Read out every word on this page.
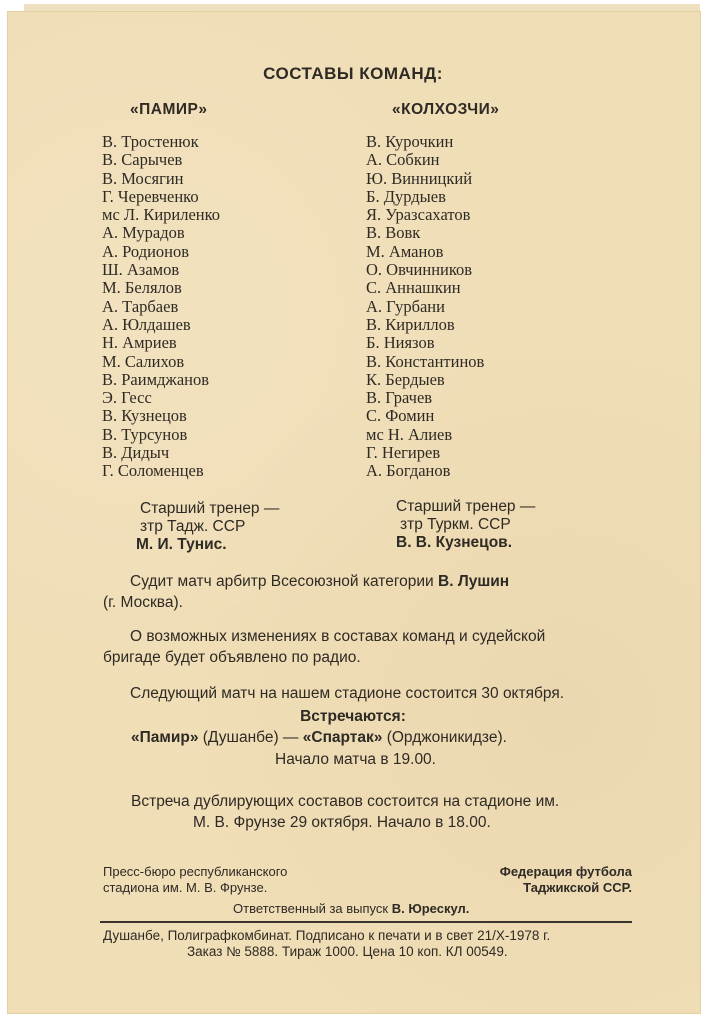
СОСТАВЫ КОМАНД:
«ПАМИР»
В. Тростенюк
В. Сарычев
В. Мосягин
Г. Черевченко
мс Л. Кириленко
А. Мурадов
А. Родионов
Ш. Азамов
М. Белялов
А. Тарбаев
А. Юлдашев
Н. Амриев
М. Салихов
В. Раимджанов
Э. Гесс
В. Кузнецов
В. Турсунов
В. Дидыч
Г. Соломенцев
«КОЛХОЗЧИ»
В. Курочкин
А. Собкин
Ю. Винницкий
Б. Дурдыев
Я. Уразсахатов
В. Вовк
М. Аманов
О. Овчинников
С. Аннашкин
А. Гурбани
В. Кириллов
Б. Ниязов
В. Константинов
К. Бердыев
В. Грачев
С. Фомин
мс Н. Алиев
Г. Негирев
А. Богданов
Старший тренер —
зтр Тадж. ССР
М. И. Тунис.
Старший тренер —
зтр Туркм. ССР
В. В. Кузнецов.
Судит матч арбитр Всесоюзной категории В. Лушин
(г. Москва).
О возможных изменениях в составах команд и судейской
бригаде будет объявлено по радио.
Следующий матч на нашем стадионе состоится 30 октября.
Встречаются:
«Памир» (Душанбе) — «Спартак» (Орджоникидзе).
Начало матча в 19.00.
Встреча дублирующих составов состоится на стадионе им.
М. В. Фрунзе 29 октября. Начало в 18.00.
Пресс-бюро республиканского
стадиона им. М. В. Фрунзе.
Федерация футбола
Таджикской ССР.
Ответственный за выпуск В. Юрескул.
Душанбе, Полиграфкомбинат. Подписано к печати и в свет 21/X-1978 г.
Заказ № 5888. Тираж 1000. Цена 10 коп. КЛ 00549.
